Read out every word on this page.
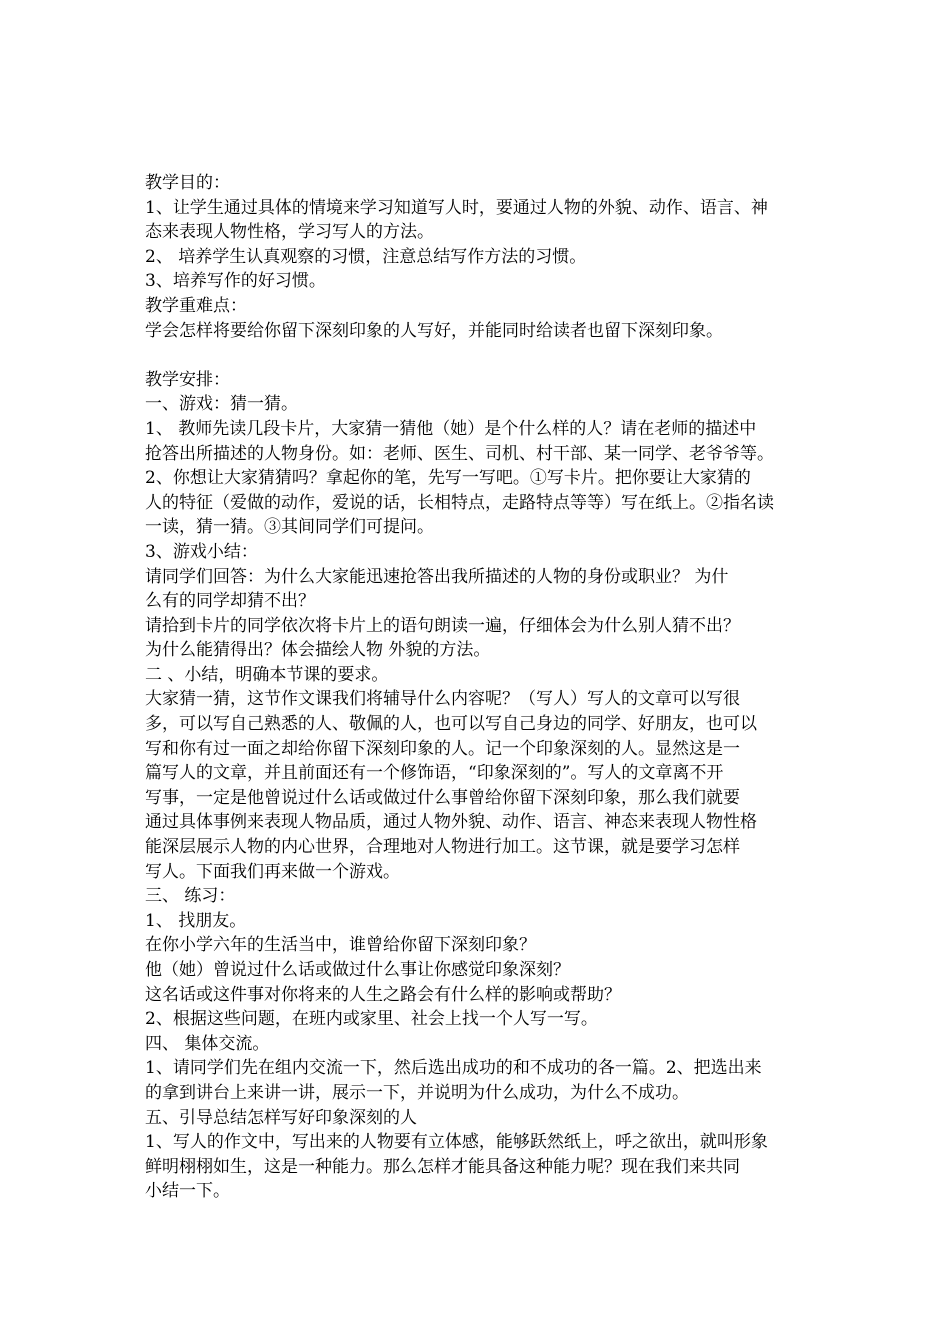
教学目的：
1、让学生通过具体的情境来学习知道写人时，要通过人物的外貌、动作、语言、神
态来表现人物性格，学习写人的方法。
2、 培养学生认真观察的习惯，注意总结写作方法的习惯。
3、培养写作的好习惯。
教学重难点：
学会怎样将要给你留下深刻印象的人写好，并能同时给读者也留下深刻印象。
教学安排：
一、游戏：猜一猜。
1、 教师先读几段卡片，大家猜一猜他（她）是个什么样的人？请在老师的描述中
抢答出所描述的人物身份。如：老师、医生、司机、村干部、某一同学、老爷爷等。
2、你想让大家猜猜吗？拿起你的笔，先写一写吧。①写卡片。把你要让大家猜的
人的特征（爱做的动作，爱说的话，长相特点，走路特点等等）写在纸上。②指名读
一读，猜一猜。③其间同学们可提问。
3、游戏小结：
请同学们回答：为什么大家能迅速抢答出我所描述的人物的身份或职业？ 为什
么有的同学却猜不出？
请拾到卡片的同学依次将卡片上的语句朗读一遍，仔细体会为什么别人猜不出？
为什么能猜得出？体会描绘人物 外貌的方法。
二 、小结，明确本节课的要求。
大家猜一猜，这节作文课我们将辅导什么内容呢？（写人）写人的文章可以写很
多，可以写自己熟悉的人、敬佩的人，也可以写自己身边的同学、好朋友，也可以
写和你有过一面之却给你留下深刻印象的人。记一个印象深刻的人。显然这是一
篇写人的文章，并且前面还有一个修饰语，“印象深刻的”。写人的文章离不开
写事，一定是他曾说过什么话或做过什么事曾给你留下深刻印象，那么我们就要
通过具体事例来表现人物品质，通过人物外貌、动作、语言、神态来表现人物性格
能深层展示人物的内心世界，合理地对人物进行加工。这节课，就是要学习怎样
写人。下面我们再来做一个游戏。
三、 练习：
1、 找朋友。
在你小学六年的生活当中，谁曾给你留下深刻印象？
他（她）曾说过什么话或做过什么事让你感觉印象深刻？
这名话或这件事对你将来的人生之路会有什么样的影响或帮助？
2、根据这些问题，在班内或家里、社会上找一个人写一写。
四、 集体交流。
1、请同学们先在组内交流一下，然后选出成功的和不成功的各一篇。2、把选出来
的拿到讲台上来讲一讲，展示一下，并说明为什么成功，为什么不成功。
五、引导总结怎样写好印象深刻的人
1、写人的作文中，写出来的人物要有立体感，能够跃然纸上，呼之欲出，就叫形象
鲜明栩栩如生，这是一种能力。那么怎样才能具备这种能力呢？现在我们来共同
小结一下。
